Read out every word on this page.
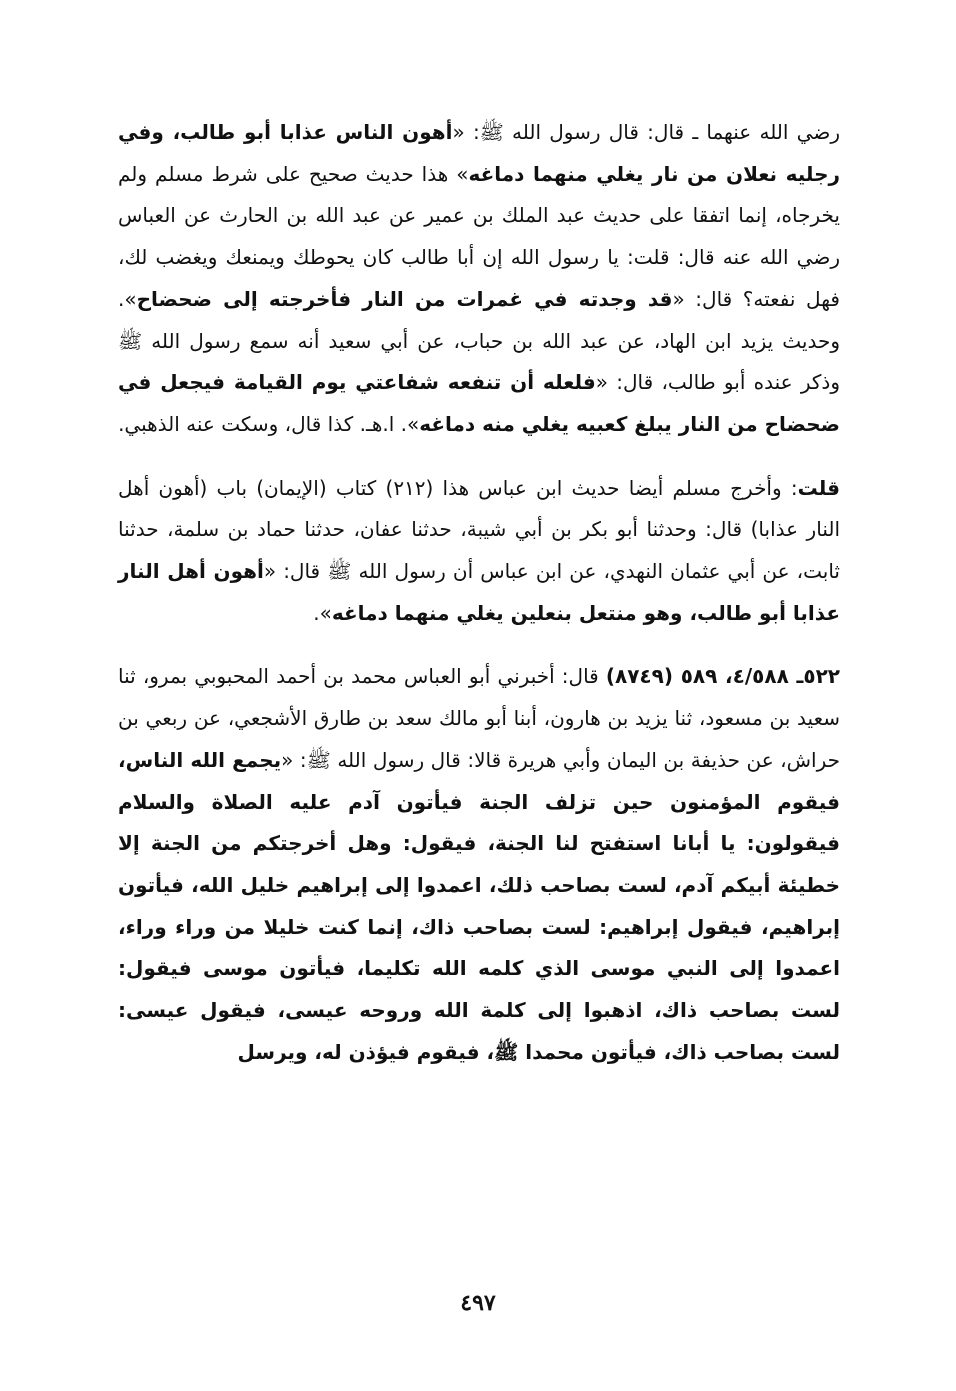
رضي الله عنهما ـ قال: قال رسول الله ﷺ: «أهون الناس عذابا أبو طالب، وفي رجليه نعلان من نار يغلي منهما دماغه» هذا حديث صحيح على شرط مسلم ولم يخرجاه، إنما اتفقا على حديث عبد الملك بن عمير عن عبد الله بن الحارث عن العباس رضي الله عنه قال: قلت: يا رسول الله إن أبا طالب كان يحوطك ويمنعك ويغضب لك، فهل نفعته؟ قال: «قد وجدته في غمرات من النار فأخرجته إلى ضحضاح». وحديث يزيد ابن الهاد، عن عبد الله بن حباب، عن أبي سعيد أنه سمع رسول الله ﷺ وذكر عنده أبو طالب، قال: «فلعله أن تنفعه شفاعتي يوم القيامة فيجعل في ضحضاح من النار يبلغ كعبيه يغلي منه دماغه». ا.هـ. كذا قال، وسكت عنه الذهبي.

قلت: وأخرج مسلم أيضا حديث ابن عباس هذا (٢١٢) كتاب (الإيمان) باب (أهون أهل النار عذابا) قال: وحدثنا أبو بكر بن أبي شيبة، حدثنا عفان، حدثنا حماد بن سلمة، حدثنا ثابت، عن أبي عثمان النهدي، عن ابن عباس أن رسول الله ﷺ قال: «أهون أهل النار عذابا أبو طالب، وهو منتعل بنعلين يغلي منهما دماغه».

٥٢٢ـ ٤/٥٨٨، ٥٨٩ (٨٧٤٩) قال: أخبرني أبو العباس محمد بن أحمد المحبوبي بمرو، ثنا سعيد بن مسعود، ثنا يزيد بن هارون، أبنا أبو مالك سعد بن طارق الأشجعي، عن ربعي بن حراش، عن حذيفة بن اليمان وأبي هريرة قالا: قال رسول الله ﷺ: «يجمع الله الناس، فيقوم المؤمنون حين تزلف الجنة فيأتون آدم عليه الصلاة والسلام فيقولون: يا أبانا استفتح لنا الجنة، فيقول: وهل أخرجتكم من الجنة إلا خطيئة أبيكم آدم، لست بصاحب ذلك، اعمدوا إلى إبراهيم خليل الله، فيأتون إبراهيم، فيقول إبراهيم: لست بصاحب ذاك، إنما كنت خليلا من وراء وراء، اعمدوا إلى النبي موسى الذي كلمه الله تكليما، فيأتون موسى فيقول: لست بصاحب ذاك، اذهبوا إلى كلمة الله وروحه عيسى، فيقول عيسى: لست بصاحب ذاك، فيأتون محمدا ﷺ، فيقوم فيؤذن له، ويرسل

٤٩٧
